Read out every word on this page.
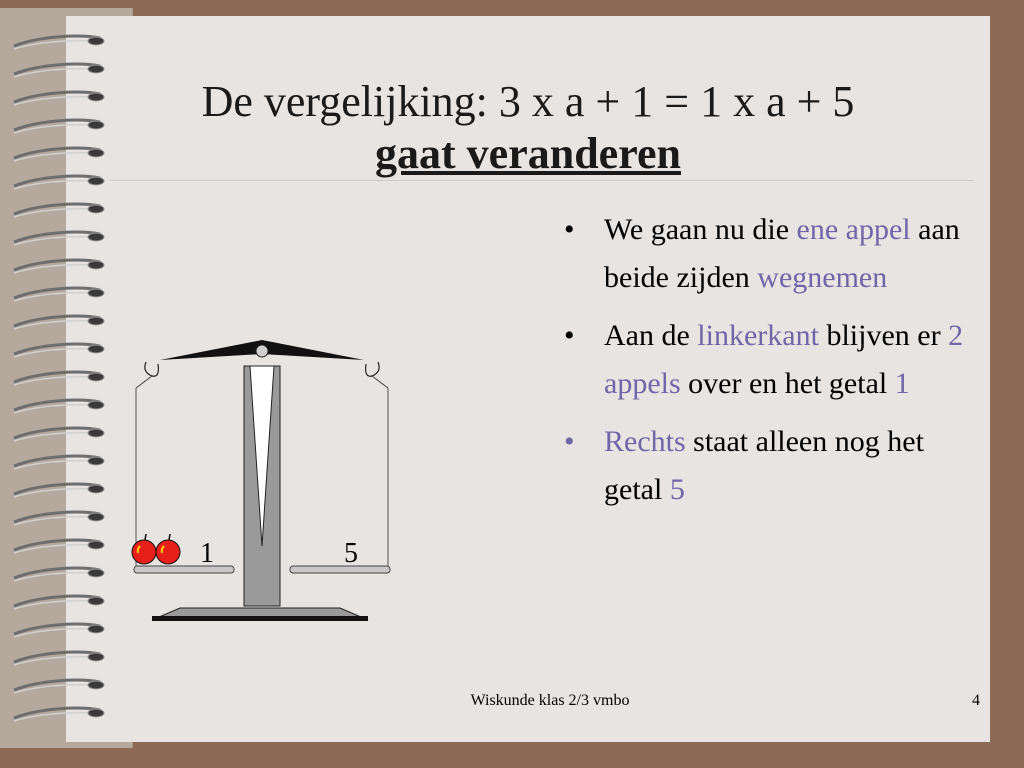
De vergelijking: 3 x a + 1 = 1 x a + 5
gaat veranderen
1	5
• We gaan nu die ene appel aan beide zijden wegnemen
• Aan de linkerkant blijven er 2 appels over en het getal 1
• Rechts staat alleen nog het getal 5
Wiskunde klas 2/3 vmbo	4
